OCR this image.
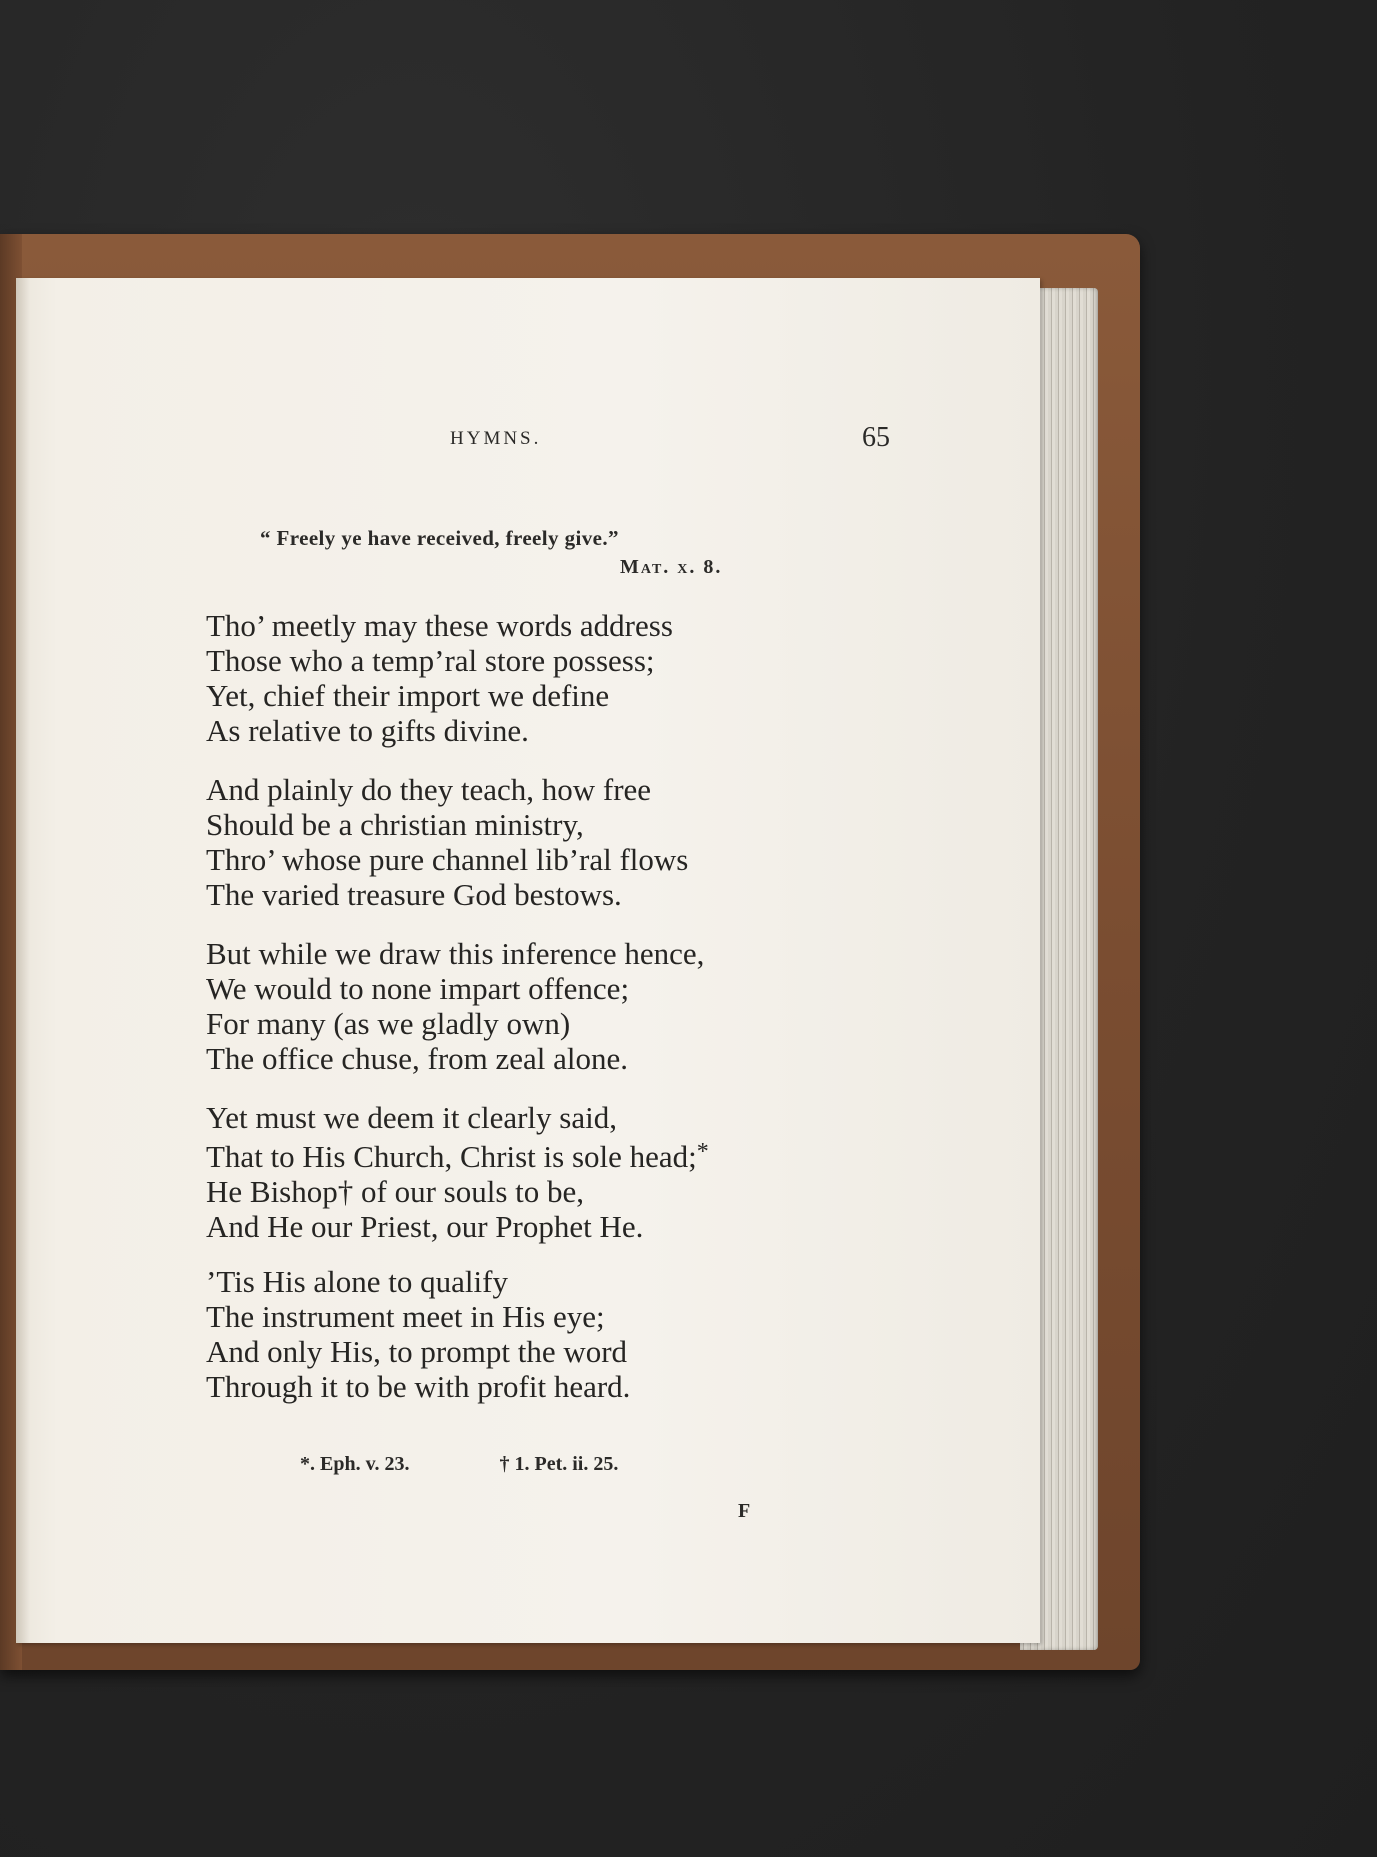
HYMNS.	65
“ Freely ye have received, freely give.”
Mat. x. 8.
Tho’ meetly may these words address
Those who a temp’ral store possess;
Yet, chief their import we define
As relative to gifts divine.
And plainly do they teach, how free
Should be a christian ministry,
Thro’ whose pure channel lib’ral flows
The varied treasure God bestows.
But while we draw this inference hence,
We would to none impart offence;
For many (as we gladly own)
The office chuse, from zeal alone.
Yet must we deem it clearly said,
That to His Church, Christ is sole head;*
He Bishop† of our souls to be,
And He our Priest, our Prophet He.
’Tis His alone to qualify
The instrument meet in His eye;
And only His, to prompt the word
Through it to be with profit heard.
*. Eph. v. 23.	† 1. Pet. ii. 25.
F
